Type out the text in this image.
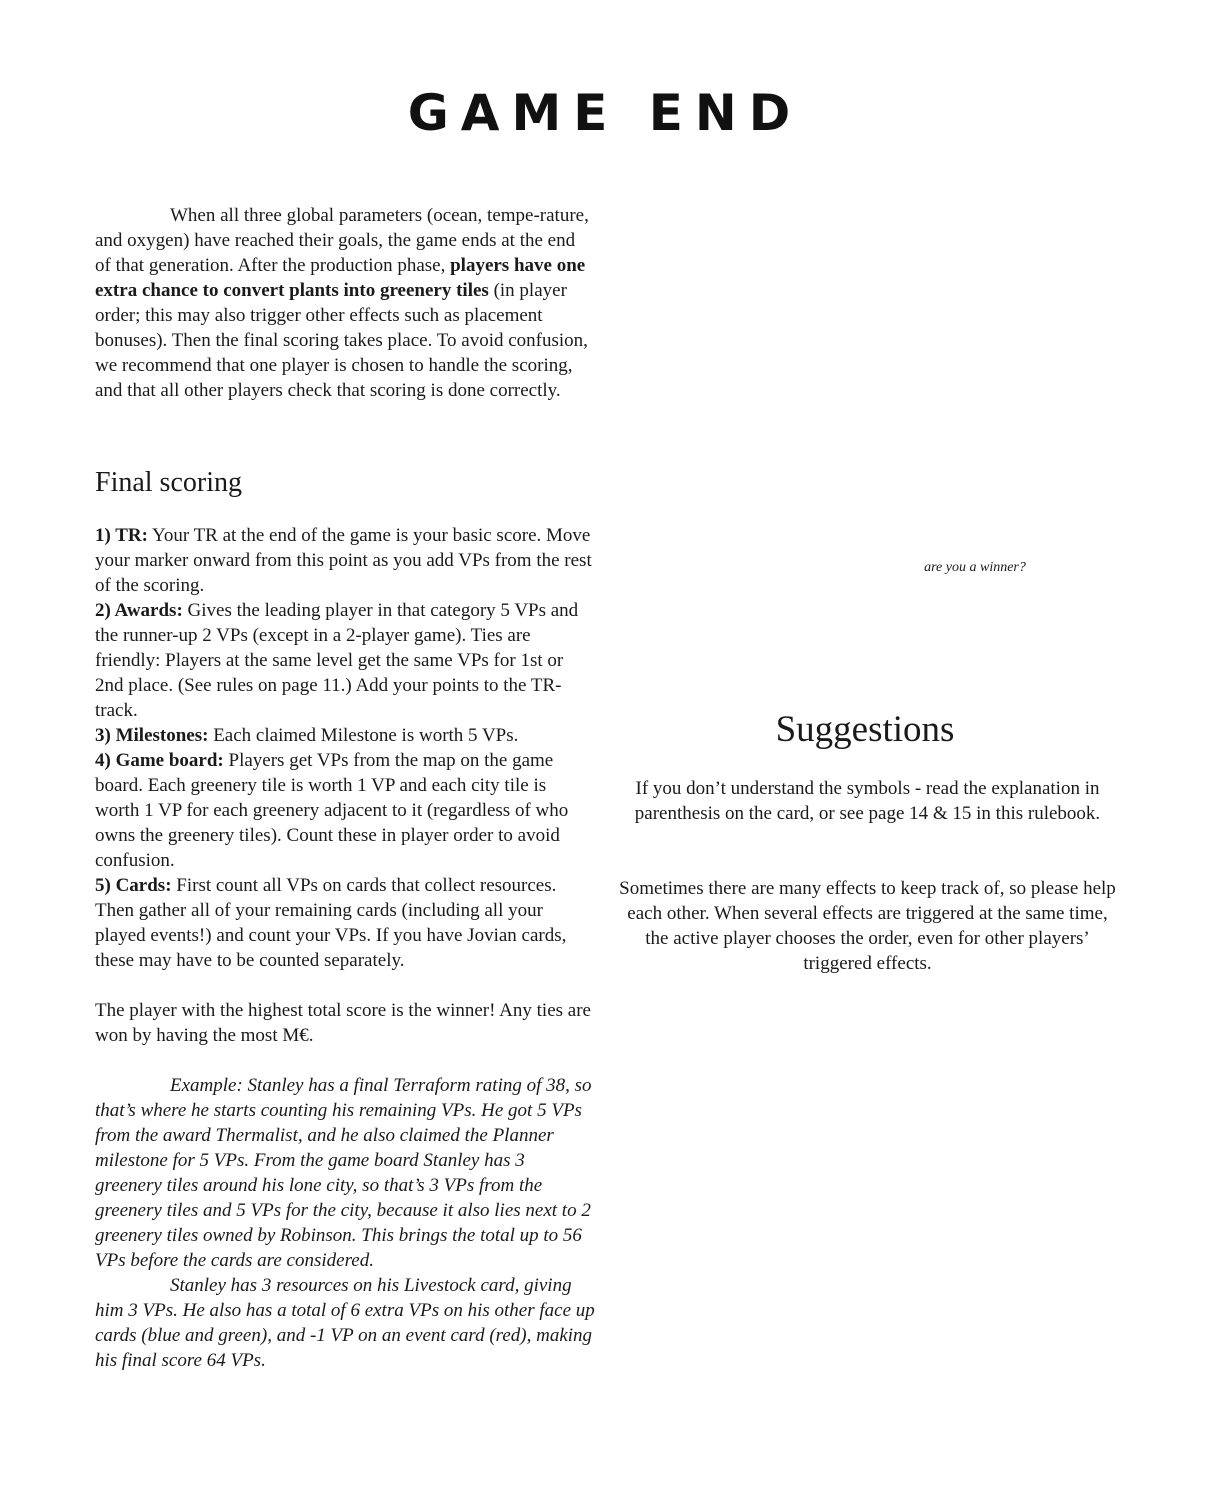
GAME END

When all three global parameters (ocean, tempe-rature, and oxygen) have reached their goals, the game ends at the end of that generation. After the production phase, players have one extra chance to convert plants into greenery tiles (in player order; this may also trigger other effects such as placement bonuses). Then the final scoring takes place. To avoid confusion, we recommend that one player is chosen to handle the scoring, and that all other players check that scoring is done correctly.

Final scoring

1) TR: Your TR at the end of the game is your basic score. Move your marker onward from this point as you add VPs from the rest of the scoring.

2) Awards: Gives the leading player in that category 5 VPs and the runner-up 2 VPs (except in a 2-player game). Ties are friendly: Players at the same level get the same VPs for 1st or 2nd place. (See rules on page 11.) Add your points to the TR-track.

3) Milestones: Each claimed Milestone is worth 5 VPs.

4) Game board: Players get VPs from the map on the game board. Each greenery tile is worth 1 VP and each city tile is worth 1 VP for each greenery adjacent to it (regardless of who owns the greenery tiles). Count these in player order to avoid confusion.

5) Cards: First count all VPs on cards that collect resources. Then gather all of your remaining cards (including all your played events!) and count your VPs. If you have Jovian cards, these may have to be counted separately.

The player with the highest total score is the winner! Any ties are won by having the most M€.

Example: Stanley has a final Terraform rating of 38, so that’s where he starts counting his remaining VPs. He got 5 VPs from the award Thermalist, and he also claimed the Planner milestone for 5 VPs. From the game board Stanley has 3 greenery tiles around his lone city, so that’s 3 VPs from the greenery tiles and 5 VPs for the city, because it also lies next to 2 greenery tiles owned by Robinson. This brings the total up to 56 VPs before the cards are considered.

Stanley has 3 resources on his Livestock card, giving him 3 VPs. He also has a total of 6 extra VPs on his other face up cards (blue and green), and -1 VP on an event card (red), making his final score 64 VPs.

are you a winner?
Suggestions

If you don’t understand the symbols - read the explanation in parenthesis on the card, or see page 14 & 15 in this rulebook.

Sometimes there are many effects to keep track of, so please help each other. When several effects are triggered at the same time, the active player chooses the order, even for other players’ triggered effects.
